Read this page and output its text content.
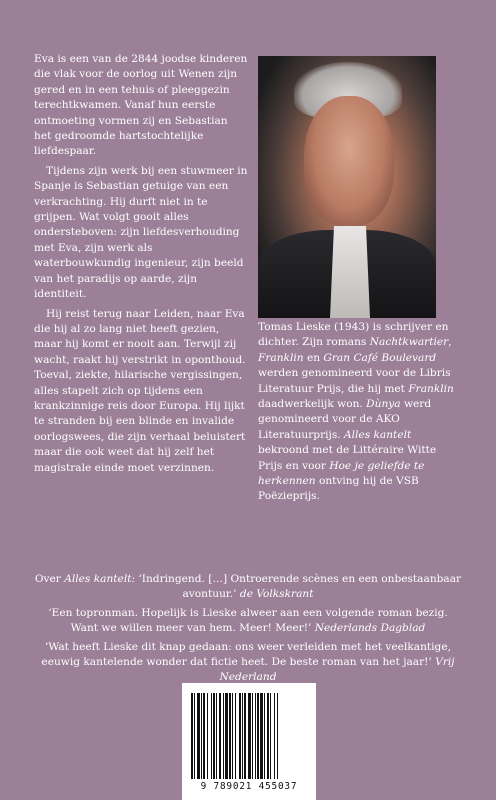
Eva is een van de 2844 joodse kinderen die vlak voor de oorlog uit Wenen zijn gered en in een tehuis of pleeggezin terechtkwamen. Vanaf hun eerste ontmoeting vormen zij en Sebastian het gedroomde hartstochtelijke liefdespaar.

Tijdens zijn werk bij een stuwmeer in Spanje is Sebastian getuige van een verkrachting. Hij durft niet in te grijpen. Wat volgt gooit alles ondersteboven: zijn liefdesverhouding met Eva, zijn werk als waterbouwkundig ingenieur, zijn beeld van het paradijs op aarde, zijn identiteit.

Hij reist terug naar Leiden, naar Eva die hij al zo lang niet heeft gezien, maar hij komt er nooit aan. Terwijl zij wacht, raakt hij verstrikt in oponthoud. Toeval, ziekte, hilarische vergissingen, alles stapelt zich op tijdens een krankzinnige reis door Europa. Hij lijkt te stranden bij een blinde en invalide oorlogswees, die zijn verhaal beluistert maar die ook weet dat hij zelf het magistrale einde moet verzinnen.

Tomas Lieske (1943) is schrijver en dichter. Zijn romans Nachtkwartier, Franklin en Gran Café Boulevard werden genomineerd voor de Libris Literatuur Prijs, die hij met Franklin daadwerkelijk won. Dùnya werd genomineerd voor de AKO Literatuurprijs. Alles kantelt bekroond met de Littéraire Witte Prijs en voor Hoe je geliefde te herkennen ontving hij de VSB Poëzieprijs.

Over Alles kantelt: ‘Indringend. […] Ontroerende scènes en een onbestaanbaar avontuur.’ de Volkskrant

‘Een topronman. Hopelijk is Lieske alweer aan een volgende roman bezig. Want we willen meer van hem. Meer! Meer!’ Nederlands Dagblad

‘Wat heeft Lieske dit knap gedaan: ons weer verleiden met het veelkantige, eeuwig kantelende wonder dat fictie heet. De beste roman van het jaar!’ Vrij Nederland

9 789021 455037
